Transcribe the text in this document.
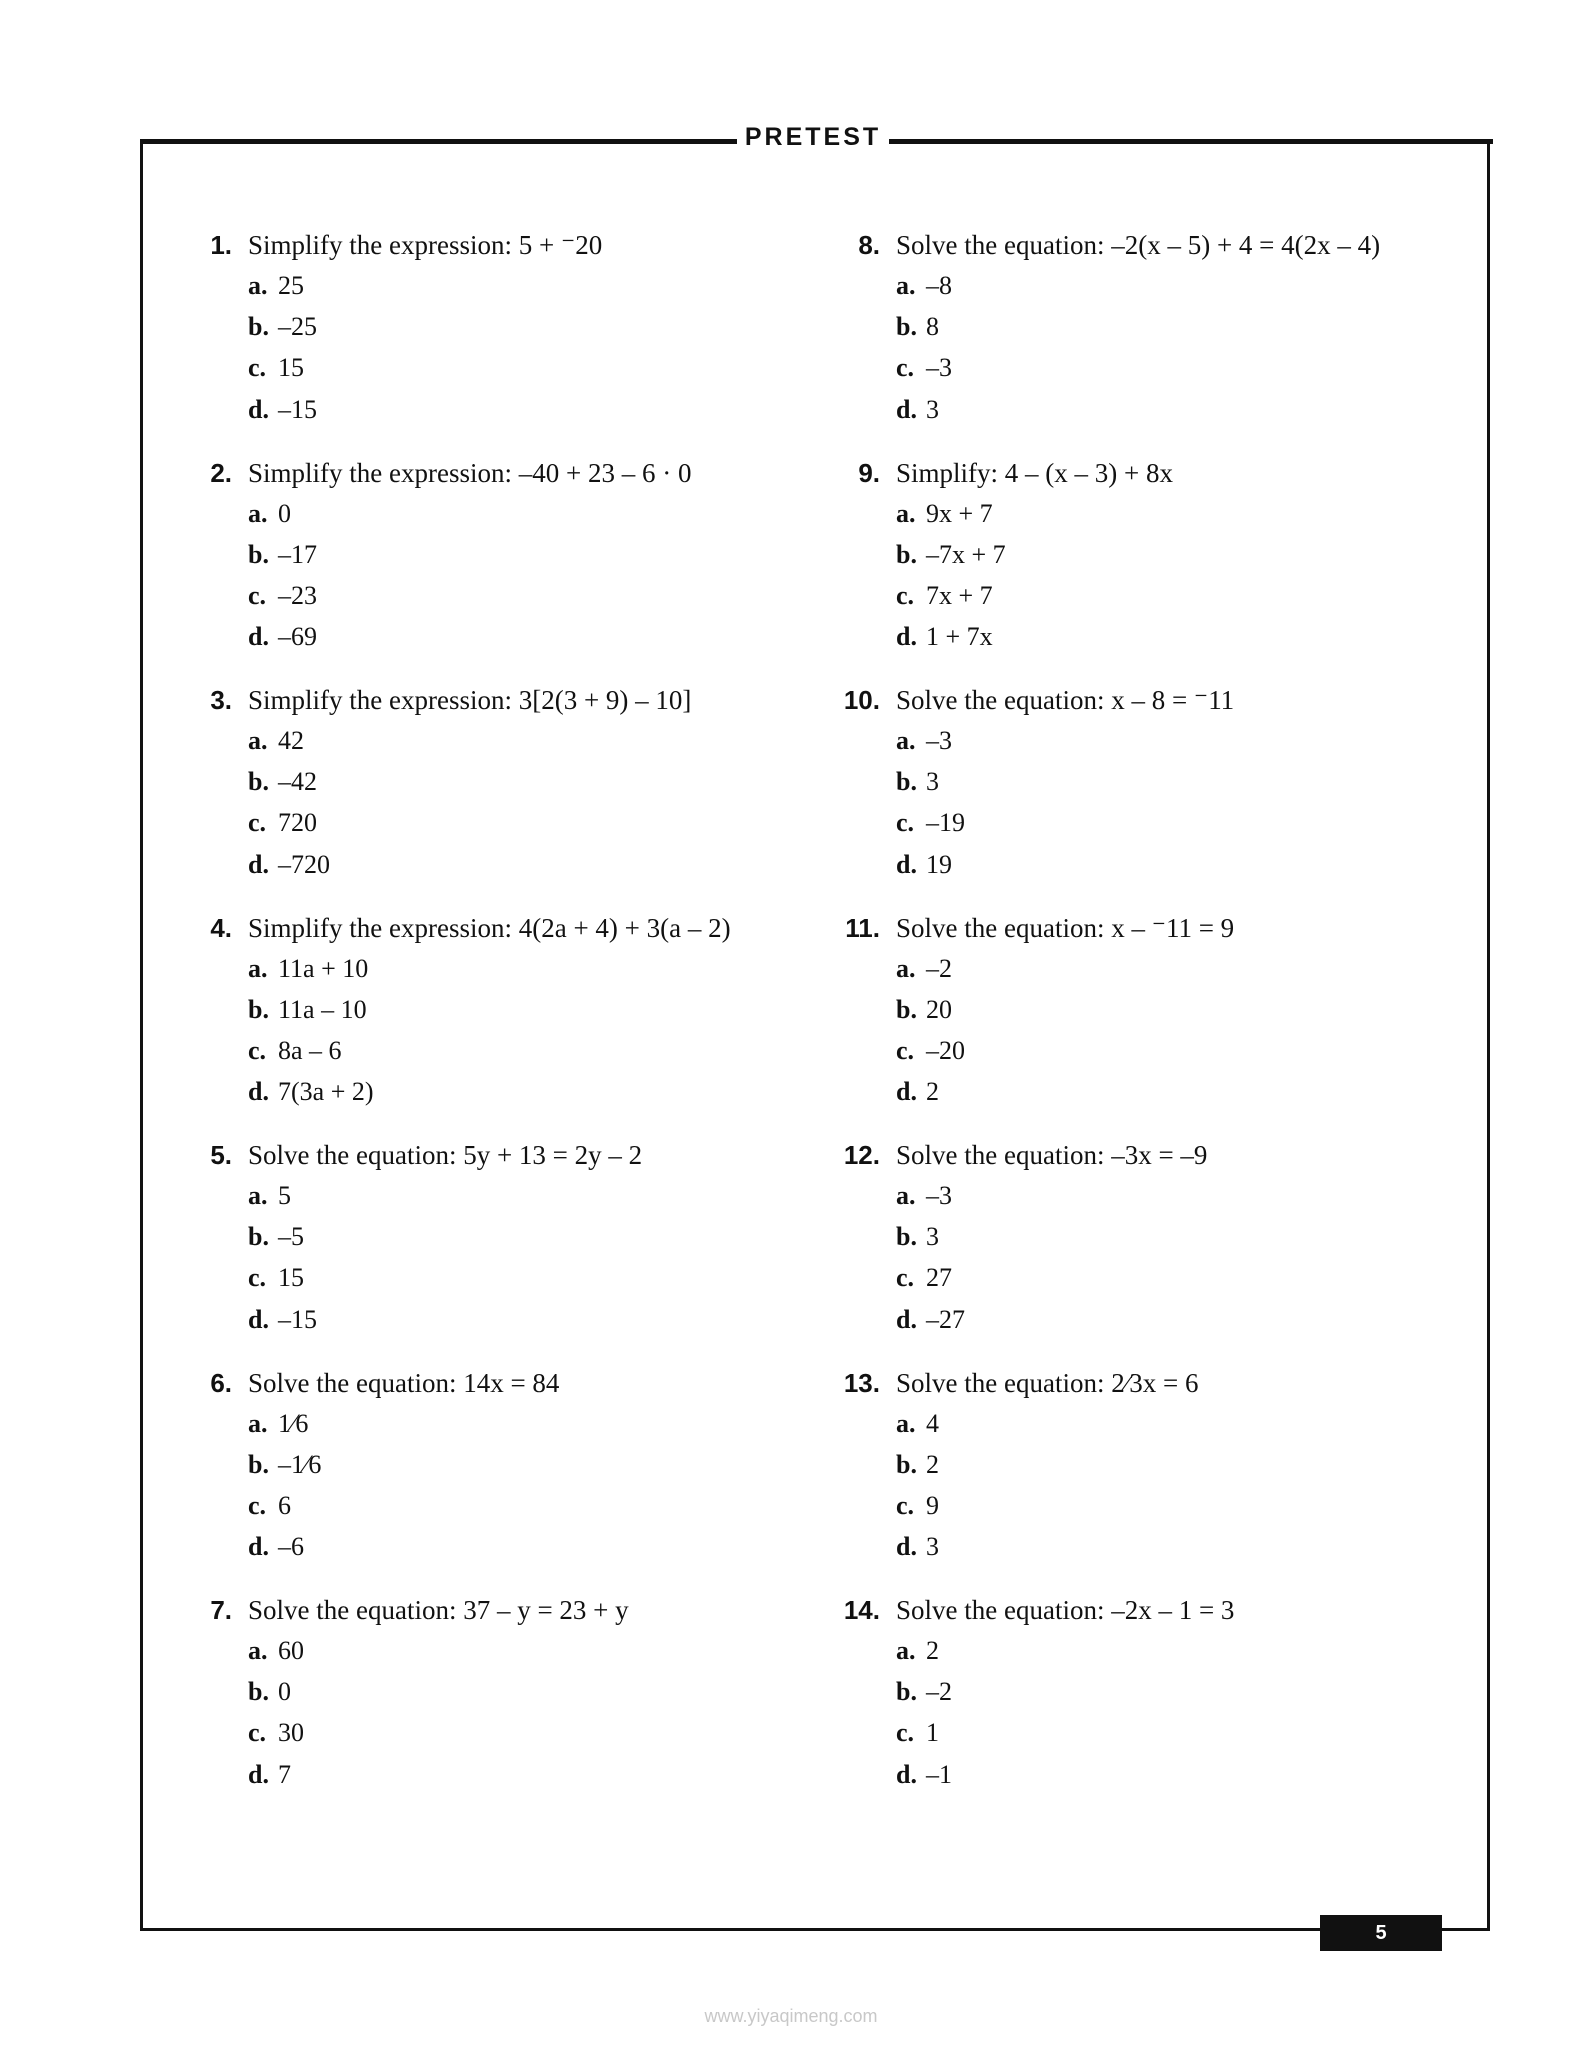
PRETEST
1. Simplify the expression: 5 + ⁻20
a. 25
b. –25
c. 15
d. –15
2. Simplify the expression: –40 + 23 – 6 · 0
a. 0
b. –17
c. –23
d. –69
3. Simplify the expression: 3[2(3 + 9) – 10]
a. 42
b. –42
c. 720
d. –720
4. Simplify the expression: 4(2a + 4) + 3(a – 2)
a. 11a + 10
b. 11a – 10
c. 8a – 6
d. 7(3a + 2)
5. Solve the equation: 5y + 13 = 2y – 2
a. 5
b. –5
c. 15
d. –15
6. Solve the equation: 14x = 84
a. 1⁄6
b. –1⁄6
c. 6
d. –6
7. Solve the equation: 37 – y = 23 + y
a. 60
b. 0
c. 30
d. 7
8. Solve the equation: –2(x – 5) + 4 = 4(2x – 4)
a. –8
b. 8
c. –3
d. 3
9. Simplify: 4 – (x – 3) + 8x
a. 9x + 7
b. –7x + 7
c. 7x + 7
d. 1 + 7x
10. Solve the equation: x – 8 = ⁻11
a. –3
b. 3
c. –19
d. 19
11. Solve the equation: x – ⁻11 = 9
a. –2
b. 20
c. –20
d. 2
12. Solve the equation: –3x = –9
a. –3
b. 3
c. 27
d. –27
13. Solve the equation: 2⁄3x = 6
a. 4
b. 2
c. 9
d. 3
14. Solve the equation: –2x – 1 = 3
a. 2
b. –2
c. 1
d. –1
5
www.yiyaqimeng.com
